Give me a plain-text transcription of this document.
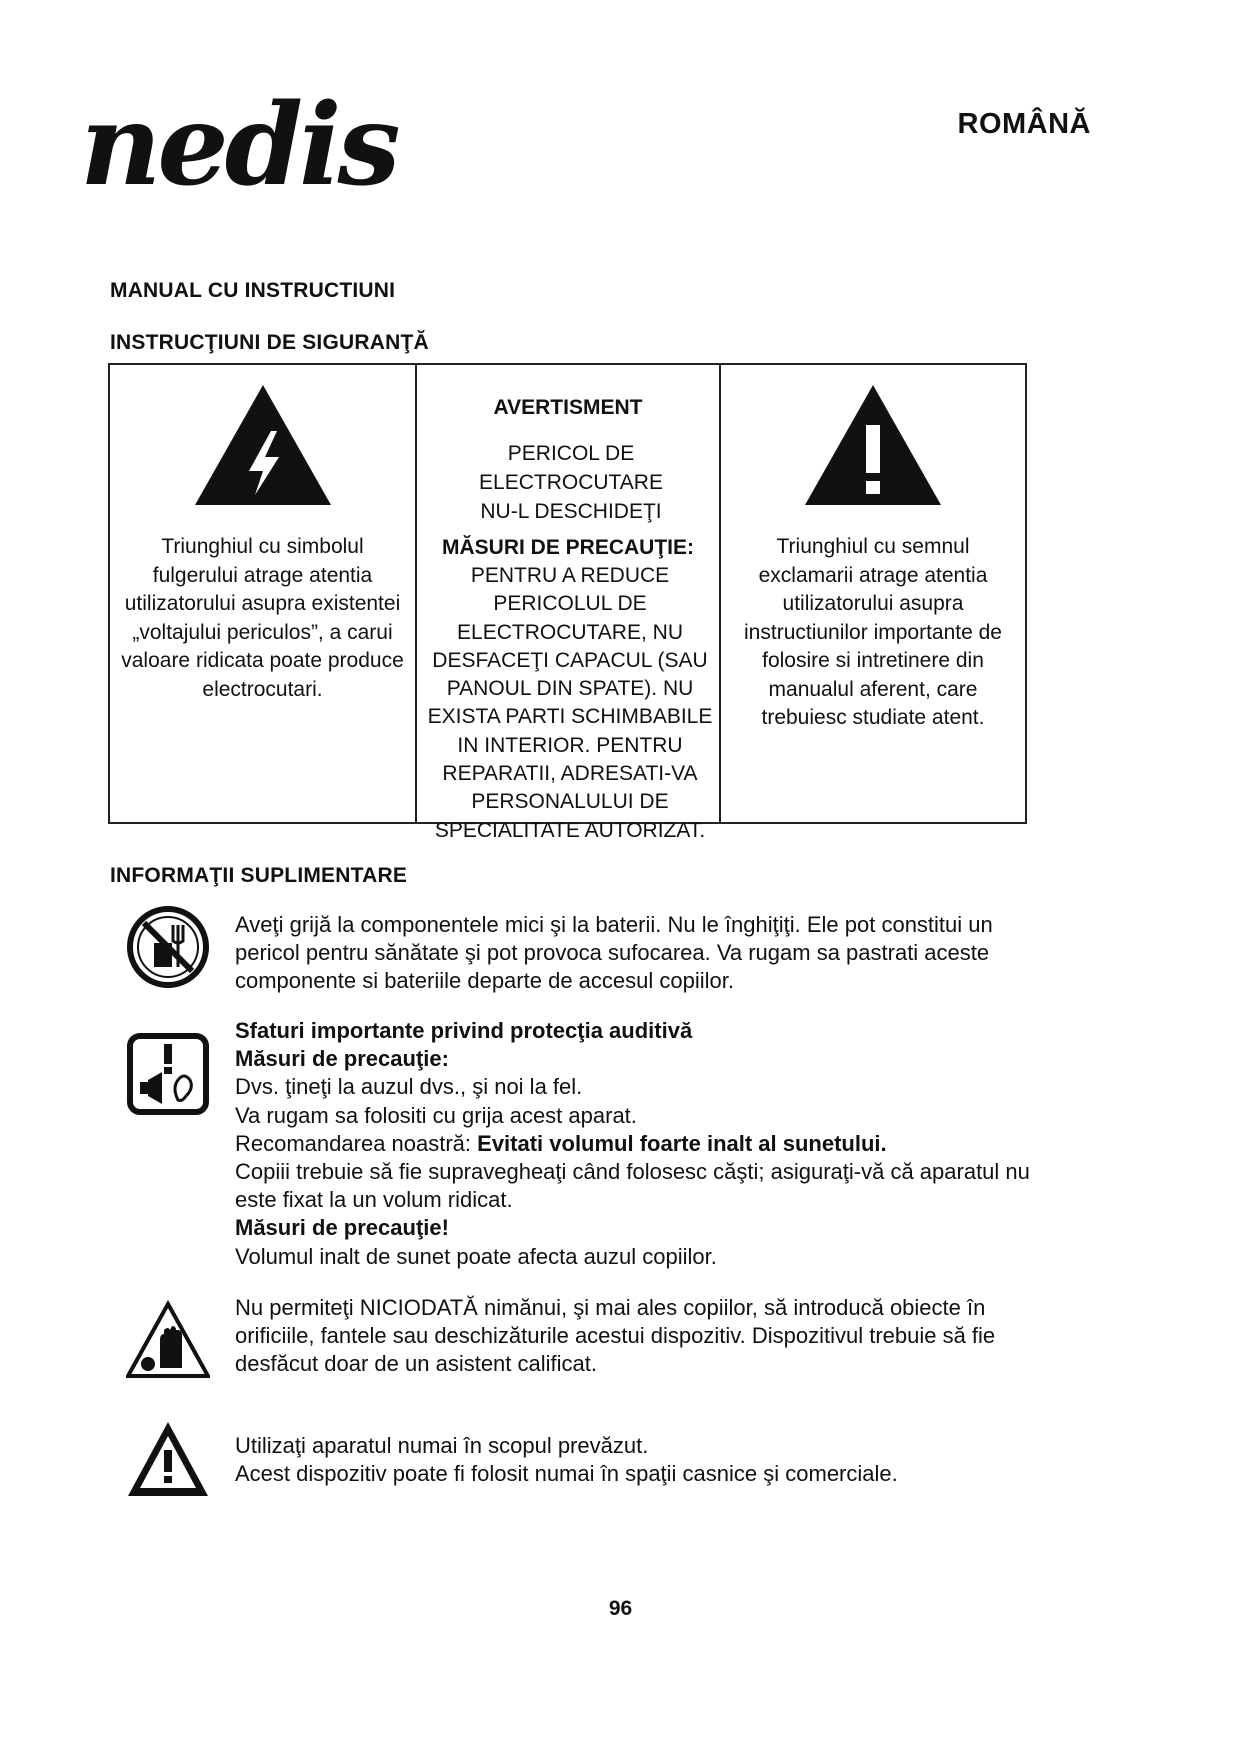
nedis	ROMÂNĂ
MANUAL CU INSTRUCTIUNI
INSTRUCŢIUNI DE SIGURANŢĂ
Triunghiul cu simbolul fulgerului atrage atentia utilizatorului asupra existentei „voltajului periculos”, a carui valoare ridicata poate produce electrocutari.
AVERTISMENT
PERICOL DE ELECTROCUTARE
NU-L DESCHIDEŢI
MĂSURI DE PRECAUŢIE:
PENTRU A REDUCE PERICOLUL DE ELECTROCUTARE, NU DESFACEŢI CAPACUL (SAU PANOUL DIN SPATE). NU EXISTA PARTI SCHIMBABILE IN INTERIOR. PENTRU REPARATII, ADRESATI-VA PERSONALULUI DE SPECIALITATE AUTORIZAT.
Triunghiul cu semnul exclamarii atrage atentia utilizatorului asupra instructiunilor importante de folosire si intretinere din manualul aferent, care trebuiesc studiate atent.
INFORMAŢII SUPLIMENTARE
Aveţi grijă la componentele mici şi la baterii. Nu le înghiţiţi. Ele pot constitui un pericol pentru sănătate şi pot provoca sufocarea. Va rugam sa pastrati aceste componente si bateriile departe de accesul copiilor.

Sfaturi importante privind protecţia auditivă

Măsuri de precauţie:

Dvs. ţineţi la auzul dvs., şi noi la fel.

Va rugam sa folositi cu grija acest aparat.

Recomandarea noastră: Evitati volumul foarte inalt al sunetului.

Copiii trebuie să fie supravegheaţi când folosesc căşti; asiguraţi-vă că aparatul nu este fixat la un volum ridicat.

Măsuri de precauţie!

Volumul inalt de sunet poate afecta auzul copiilor.

Nu permiteţi NICIODATĂ nimănui, şi mai ales copiilor, să introducă obiecte în orificiile, fantele sau deschizăturile acestui dispozitiv. Dispozitivul trebuie să fie desfăcut doar de un asistent calificat.

Utilizaţi aparatul numai în scopul prevăzut.

Acest dispozitiv poate fi folosit numai în spaţii casnice şi comerciale.

96
